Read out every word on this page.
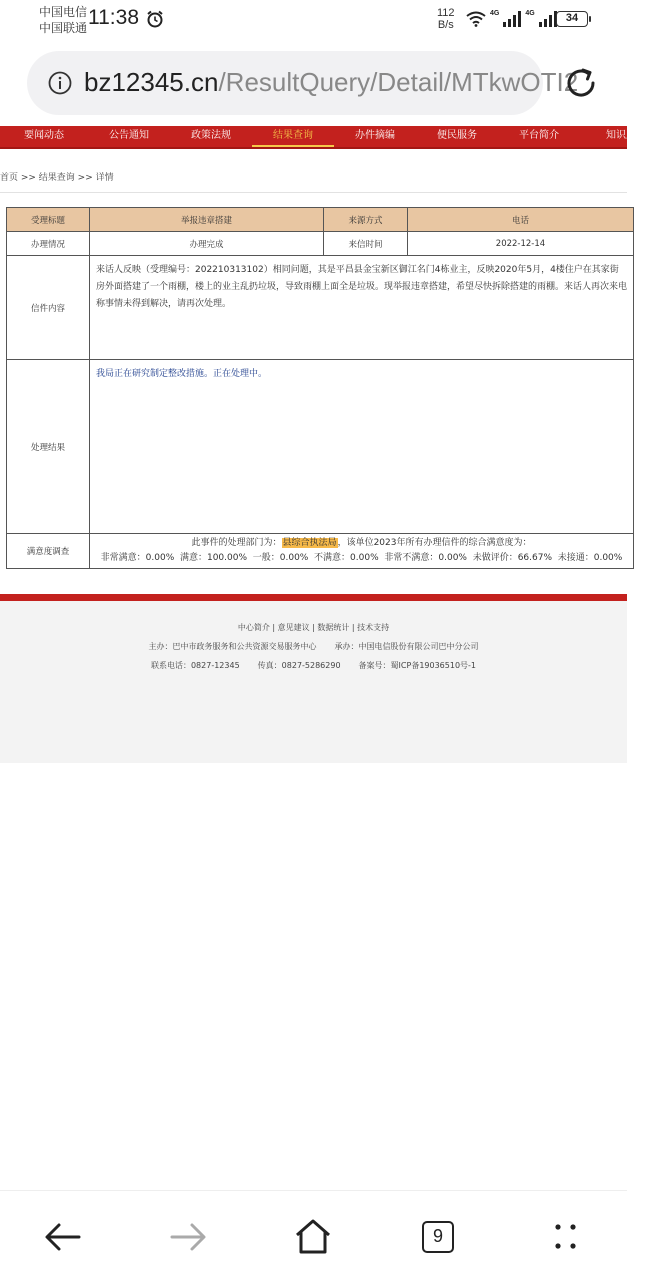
中国电信
中国联通 11:38	112
B/s
4G	4G	34
bz12345.cn/ResultQuery/Detail/MTkwOTI2
要闻动态	公告通知	政策法规	结果查询	办件摘编	便民服务	平台简介	知识库
首页 >> 结果查询 >> 详情
受理标题	举报违章搭建	来源方式	电话
办理情况	办理完成	来信时间	2022-12-14
信件内容	来话人反映（受理编号：202210313102）相同问题，其是平昌县金宝新区御江名门4栋业主，反映2020年5月，4楼住户在其家街房外面搭建了一个雨棚，楼上的业主乱扔垃圾，导致雨棚上面全是垃圾。现举报违章搭建，希望尽快拆除搭建的雨棚。来话人再次来电称事情未得到解决，请再次处理。		
处理结果	我局正在研究制定整改措施。正在处理中。		
满意度调查	此事件的处理部门为：县综合执法局，该单位2023年所有办理信件的综合满意度为：
非常满意：0.00%  满意：100.00%  一般：0.00%  不满意：0.00%  非常不满意：0.00%  未做评价：66.67%  未接通：0.00%		
中心简介 | 意见建议 | 数据统计 | 技术支持
主办：巴中市政务服务和公共资源交易服务中心 承办：中国电信股份有限公司巴中分公司
联系电话：0827-12345 传真：0827-5286290 备案号：蜀ICP备19036510号-1
9
